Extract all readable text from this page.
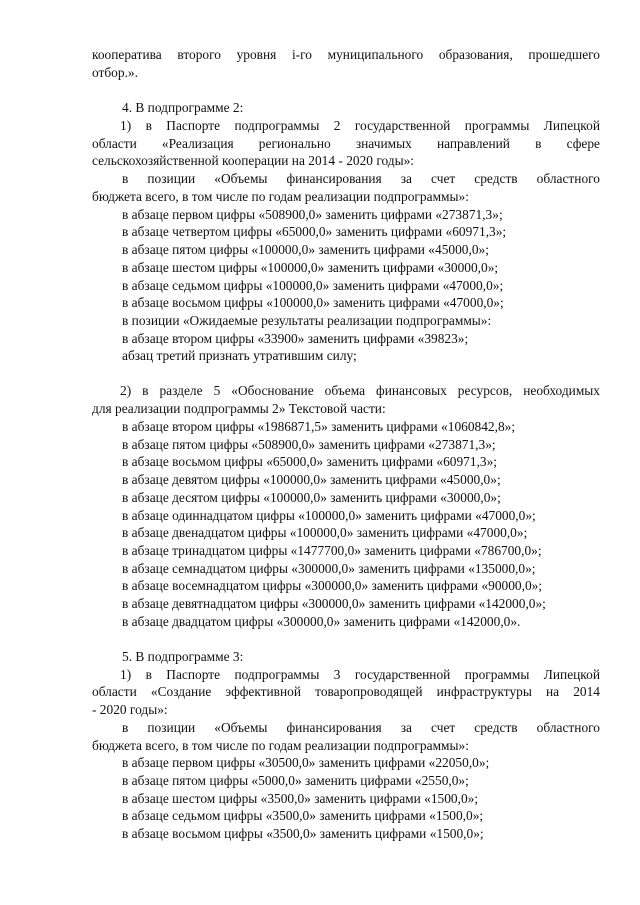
кооператива второго уровня i-го муниципального образования, прошедшего
отбор.».
4. В подпрограмме 2:
1) в Паспорте подпрограммы 2 государственной программы Липецкой
области «Реализация регионально значимых направлений в сфере
сельскохозяйственной кооперации на 2014 - 2020 годы»:
в позиции «Объемы финансирования за счет средств областного
бюджета всего, в том числе по годам реализации подпрограммы»:
в абзаце первом цифры «508900,0» заменить цифрами «273871,3»;
в абзаце четвертом цифры «65000,0» заменить цифрами «60971,3»;
в абзаце пятом цифры «100000,0» заменить цифрами «45000,0»;
в абзаце шестом цифры «100000,0» заменить цифрами «30000,0»;
в абзаце седьмом цифры «100000,0» заменить цифрами «47000,0»;
в абзаце восьмом цифры «100000,0» заменить цифрами «47000,0»;
в позиции «Ожидаемые результаты реализации подпрограммы»:
в абзаце втором цифры «33900» заменить цифрами «39823»;
абзац третий признать утратившим силу;
2) в разделе 5 «Обоснование объема финансовых ресурсов, необходимых
для реализации подпрограммы 2» Текстовой части:
в абзаце втором цифры «1986871,5» заменить цифрами «1060842,8»;
в абзаце пятом цифры «508900,0» заменить цифрами «273871,3»;
в абзаце восьмом цифры «65000,0» заменить цифрами «60971,3»;
в абзаце девятом цифры «100000,0» заменить цифрами «45000,0»;
в абзаце десятом цифры «100000,0» заменить цифрами «30000,0»;
в абзаце одиннадцатом цифры «100000,0» заменить цифрами «47000,0»;
в абзаце двенадцатом цифры «100000,0» заменить цифрами «47000,0»;
в абзаце тринадцатом цифры «1477700,0» заменить цифрами «786700,0»;
в абзаце семнадцатом цифры «300000,0» заменить цифрами «135000,0»;
в абзаце восемнадцатом цифры «300000,0» заменить цифрами «90000,0»;
в абзаце девятнадцатом цифры «300000,0» заменить цифрами «142000,0»;
в абзаце двадцатом цифры «300000,0» заменить цифрами «142000,0».
5. В подпрограмме 3:
1) в Паспорте подпрограммы 3 государственной программы Липецкой
области «Создание эффективной товаропроводящей инфраструктуры на 2014
- 2020 годы»:
в позиции «Объемы финансирования за счет средств областного
бюджета всего, в том числе по годам реализации подпрограммы»:
в абзаце первом цифры «30500,0» заменить цифрами «22050,0»;
в абзаце пятом цифры «5000,0» заменить цифрами «2550,0»;
в абзаце шестом цифры «3500,0» заменить цифрами «1500,0»;
в абзаце седьмом цифры «3500,0» заменить цифрами «1500,0»;
в абзаце восьмом цифры «3500,0» заменить цифрами «1500,0»;
